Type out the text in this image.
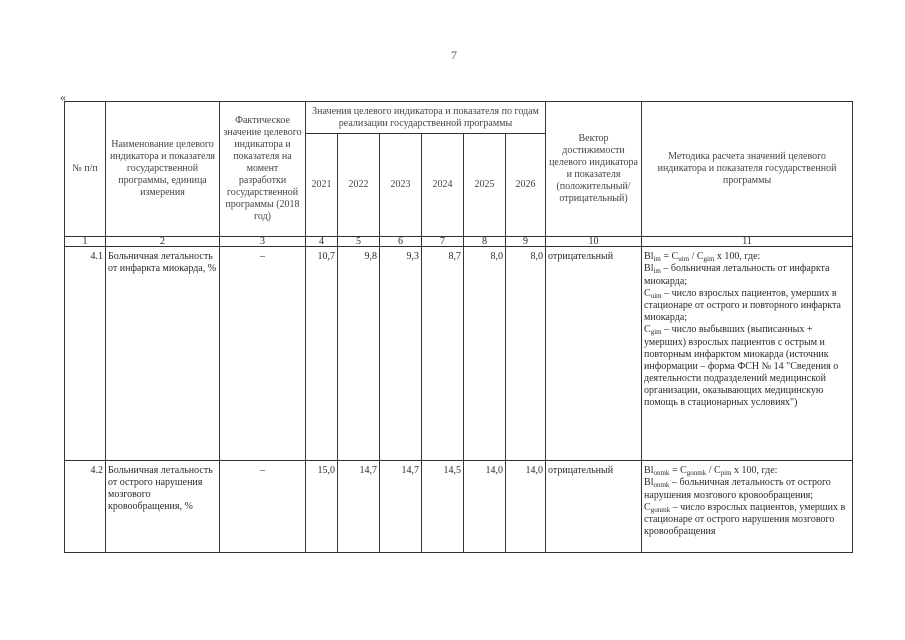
7
«
№ п/п	Наименование целевого индикатора и показателя государственной программы, единица измерения	Фактическое значение целевого индикатора и показателя на момент разработки государственной программы (2018 год)	Значения целевого индикатора и показателя по годам реализации государственной программы						Вектор достижимости целевого индикатора и показателя (положительный/ отрицательный)	Методика расчета значений целевого индикатора и показателя государственной программы
			2021	2022	2023	2024	2025	2026		
1	2	3	4	5	6	7	8	9	10	11
4.1	Больничная летальность от инфаркта миокарда, %	–	10,7	9,8	9,3	8,7	8,0	8,0	отрицательный	$Bl_{im} = C_{uim} / C_{gim}$ x 100, где:
$Bl_{im}$ – больничная летальность от инфаркта миокарда;
$C_{uim}$ – число взрослых пациентов, умерших в стационаре от острого и повторного инфаркта миокарда;
$C_{gim}$ – число выбывших (выписанных + умерших) взрослых пациентов с острым и повторным инфарктом миокарда (источник информации – форма ФСН № 14 "Сведения о деятельности подразделений медицинской организации, оказывающих медицинскую помощь в стационарных условиях")

4.2	Больничная летальность от острого нарушения мозгового кровообращения, %	–	15,0	14,7	14,7	14,5	14,0	14,0	отрицательный	$Bl_{onmk} = C_{gonmk} / C_{pim}$ x 100, где:
$Bl_{onmk}$ – больничная летальность от острого нарушения мозгового кровообращения;
$C_{gonmk}$ – число взрослых пациентов, умерших в стационаре от острого нарушения мозгового кровообращения
